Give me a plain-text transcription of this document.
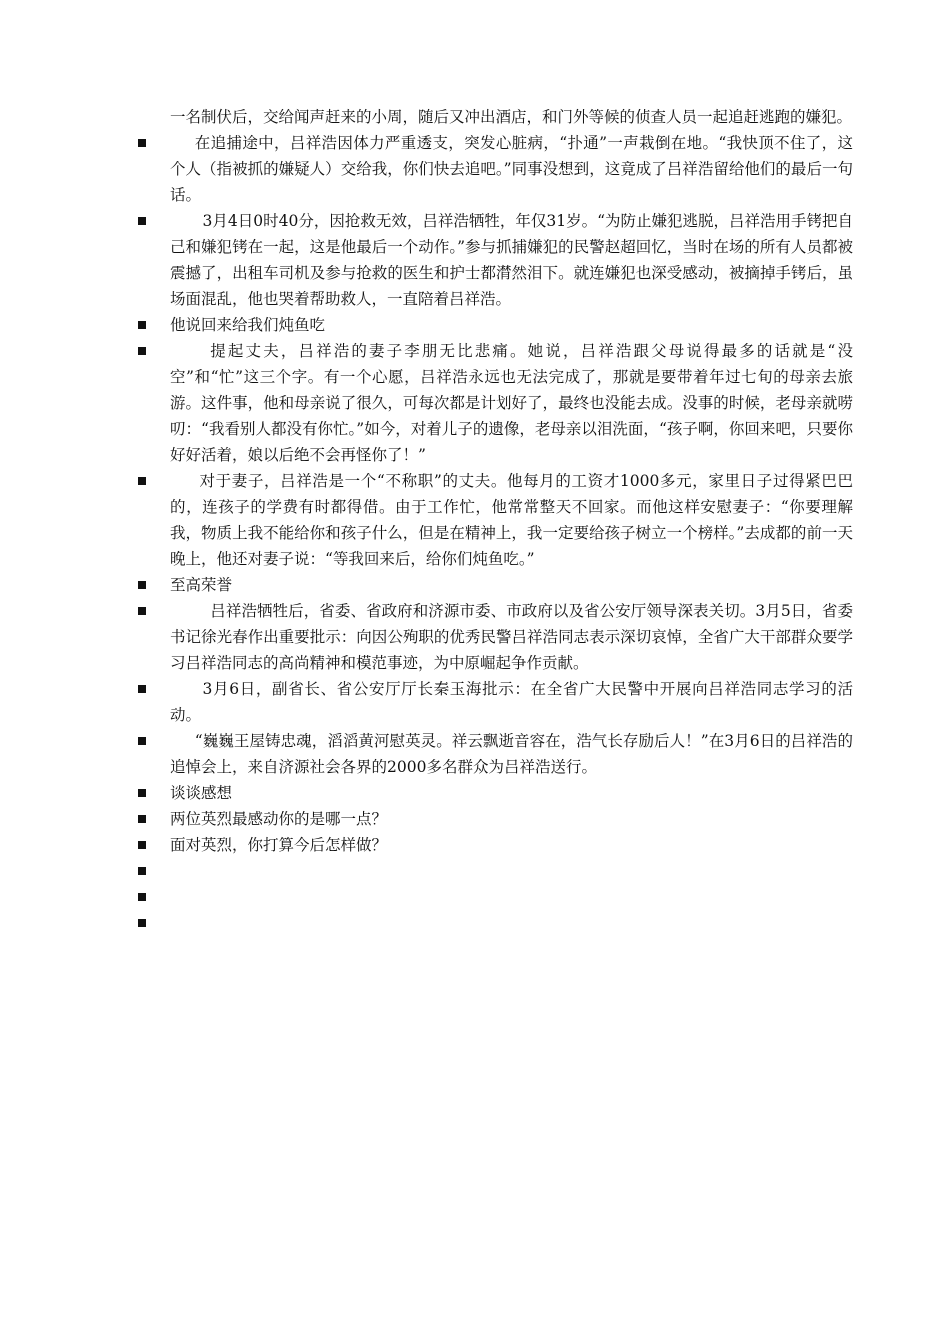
一名制伏后，交给闻声赶来的小周，随后又冲出酒店，和门外等候的侦查人员一起追赶逃跑的嫌犯。
在追捕途中，吕祥浩因体力严重透支，突发心脏病，“扑通”一声栽倒在地。“我快顶不住了，这个人（指被抓的嫌疑人）交给我，你们快去追吧。”同事没想到，这竟成了吕祥浩留给他们的最后一句话。
3月4日0时40分，因抢救无效，吕祥浩牺牲，年仅31岁。“为防止嫌犯逃脱，吕祥浩用手铐把自己和嫌犯铐在一起，这是他最后一个动作。”参与抓捕嫌犯的民警赵超回忆，当时在场的所有人员都被震撼了，出租车司机及参与抢救的医生和护士都潸然泪下。就连嫌犯也深受感动，被摘掉手铐后，虽场面混乱，他也哭着帮助救人，一直陪着吕祥浩。
他说回来给我们炖鱼吃
提起丈夫，吕祥浩的妻子李朋无比悲痛。她说，吕祥浩跟父母说得最多的话就是“没空”和“忙”这三个字。有一个心愿，吕祥浩永远也无法完成了，那就是要带着年过七旬的母亲去旅游。这件事，他和母亲说了很久，可每次都是计划好了，最终也没能去成。没事的时候，老母亲就唠叨：“我看别人都没有你忙。”如今，对着儿子的遗像，老母亲以泪洗面，“孩子啊，你回来吧，只要你好好活着，娘以后绝不会再怪你了！”
对于妻子，吕祥浩是一个“不称职”的丈夫。他每月的工资才1000多元，家里日子过得紧巴巴的，连孩子的学费有时都得借。由于工作忙，他常常整天不回家。而他这样安慰妻子：“你要理解我，物质上我不能给你和孩子什么，但是在精神上，我一定要给孩子树立一个榜样。”去成都的前一天晚上，他还对妻子说：“等我回来后，给你们炖鱼吃。”
至高荣誉
吕祥浩牺牲后，省委、省政府和济源市委、市政府以及省公安厅领导深表关切。3月5日，省委书记徐光春作出重要批示：向因公殉职的优秀民警吕祥浩同志表示深切哀悼，全省广大干部群众要学习吕祥浩同志的高尚精神和模范事迹，为中原崛起争作贡献。
3月6日，副省长、省公安厅厅长秦玉海批示：在全省广大民警中开展向吕祥浩同志学习的活动。
“巍巍王屋铸忠魂，滔滔黄河慰英灵。祥云飘逝音容在，浩气长存励后人！”在3月6日的吕祥浩的追悼会上，来自济源社会各界的2000多名群众为吕祥浩送行。
谈谈感想
两位英烈最感动你的是哪一点？
面对英烈，你打算今后怎样做？
